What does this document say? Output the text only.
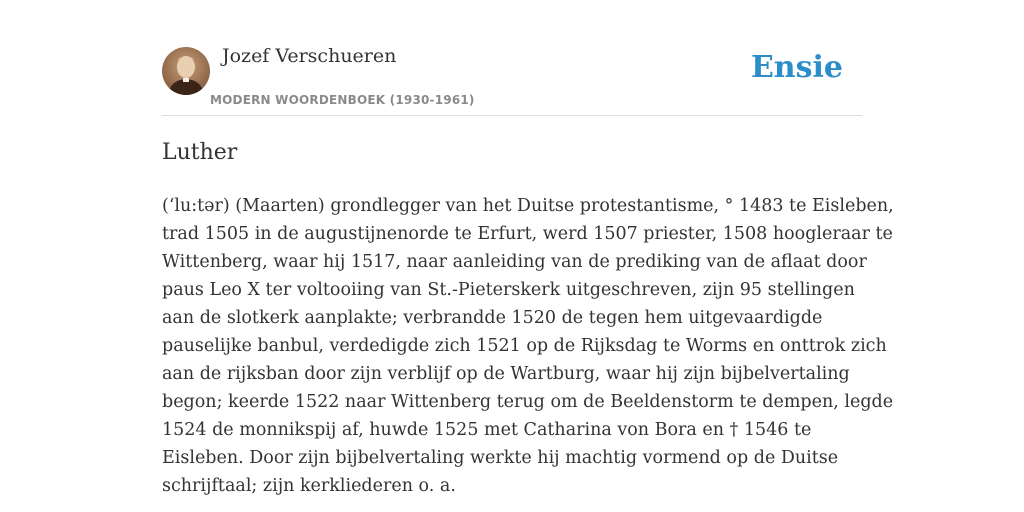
Jozef Verschueren
MODERN WOORDENBOEK (1930-1961)
Ensie
Luther
(‘lu:tər) (Maarten) grondlegger van het Duitse protestantisme, ° 1483 te Eisleben,
trad 1505 in de augustijnenorde te Erfurt, werd 1507 priester, 1508 hoogleraar te
Wittenberg, waar hij 1517, naar aanleiding van de prediking van de aflaat door
paus Leo X ter voltooiing van St.-Pieterskerk uitgeschreven, zijn 95 stellingen
aan de slotkerk aanplakte; verbrandde 1520 de tegen hem uitgevaardigde
pauselijke banbul, verdedigde zich 1521 op de Rijksdag te Worms en onttrok zich
aan de rijksban door zijn verblijf op de Wartburg, waar hij zijn bijbelvertaling
begon; keerde 1522 naar Wittenberg terug om de Beeldenstorm te dempen, legde
1524 de monnikspij af, huwde 1525 met Catharina von Bora en † 1546 te
Eisleben. Door zijn bijbelvertaling werkte hij machtig vormend op de Duitse
schrijftaal; zijn kerkliederen o. a.
